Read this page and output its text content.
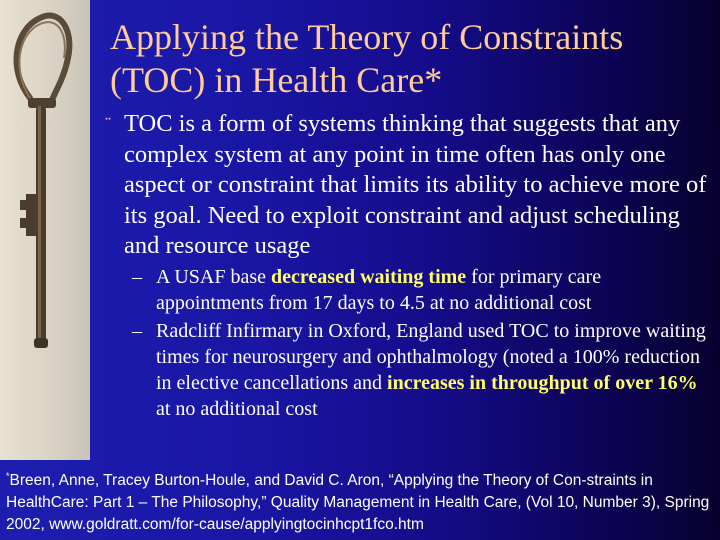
Applying the Theory of Constraints
(TOC) in Health Care*
¨ TOC is a form of systems thinking that suggests that any complex system at any point in time often has only one aspect or constraint that limits its ability to achieve more of its goal. Need to exploit constraint and adjust scheduling and resource usage
– A USAF base decreased waiting time for primary care appointments from 17 days to 4.5 at no additional cost
– Radcliff Infirmary in Oxford, England used TOC to improve waiting times for neurosurgery and ophthalmology (noted a 100% reduction in elective cancellations and increases in throughput of over 16% at no additional cost
*Breen, Anne, Tracey Burton-Houle, and David C. Aron, “Applying the Theory of Con-straints in HealthCare: Part 1 – The Philosophy,” Quality Management in Health Care, (Vol 10, Number 3), Spring 2002, www.goldratt.com/for-cause/applyingtocinhcpt1fco.htm
